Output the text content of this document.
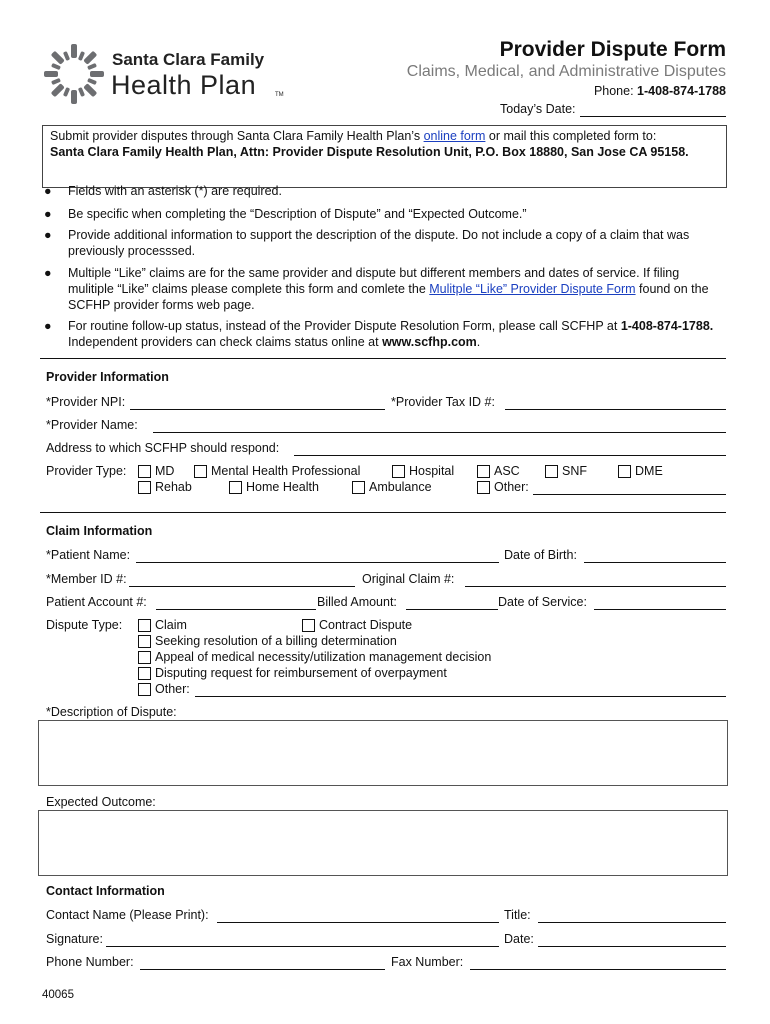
Santa Clara Family
Health Plan	TM
Provider Dispute Form
Claims, Medical, and Administrative Disputes
Phone: 1-408-874-1788
Today’s Date:
Submit provider disputes through Santa Clara Family Health Plan’s online form or mail this completed form to:
Santa Clara Family Health Plan, Attn: Provider Dispute Resolution Unit, P.O. Box 18880, San Jose CA 95158.
● Fields with an asterisk (*) are required.
● Be specific when completing the “Description of Dispute” and “Expected Outcome.”
● Provide additional information to support the description of the dispute. Do not include a copy of a claim that was previously processsed.
● Multiple “Like” claims are for the same provider and dispute but different members and dates of service. If filing mulitiple “Like” claims please complete this form and comlete the Mulitple “Like” Provider Dispute Form found on the SCFHP provider forms web page.
● For routine follow-up status, instead of the Provider Dispute Resolution Form, please call SCFHP at 1-408-874-1788. Independent providers can check claims status online at www.scfhp.com.
Provider Information
*Provider NPI:	*Provider Tax ID #:
*Provider Name:
Address to which SCFHP should respond:
Provider Type: MD	Mental Health Professional	Hospital	ASC	SNF	DME
Rehab	Home Health	Ambulance	Other:
Claim Information
*Patient Name:	Date of Birth:
*Member ID #:	Original Claim #:
Patient Account #:	Billed Amount:	Date of Service:
Dispute Type:	Claim	Contract Dispute
Seeking resolution of a billing determination
Appeal of medical necessity/utilization management decision
Disputing request for reimbursement of overpayment
Other:
*Description of Dispute:
Expected Outcome:
Contact Information
Contact Name (Please Print):	Title:
Signature:	Date:
Phone Number:	Fax Number:
40065
